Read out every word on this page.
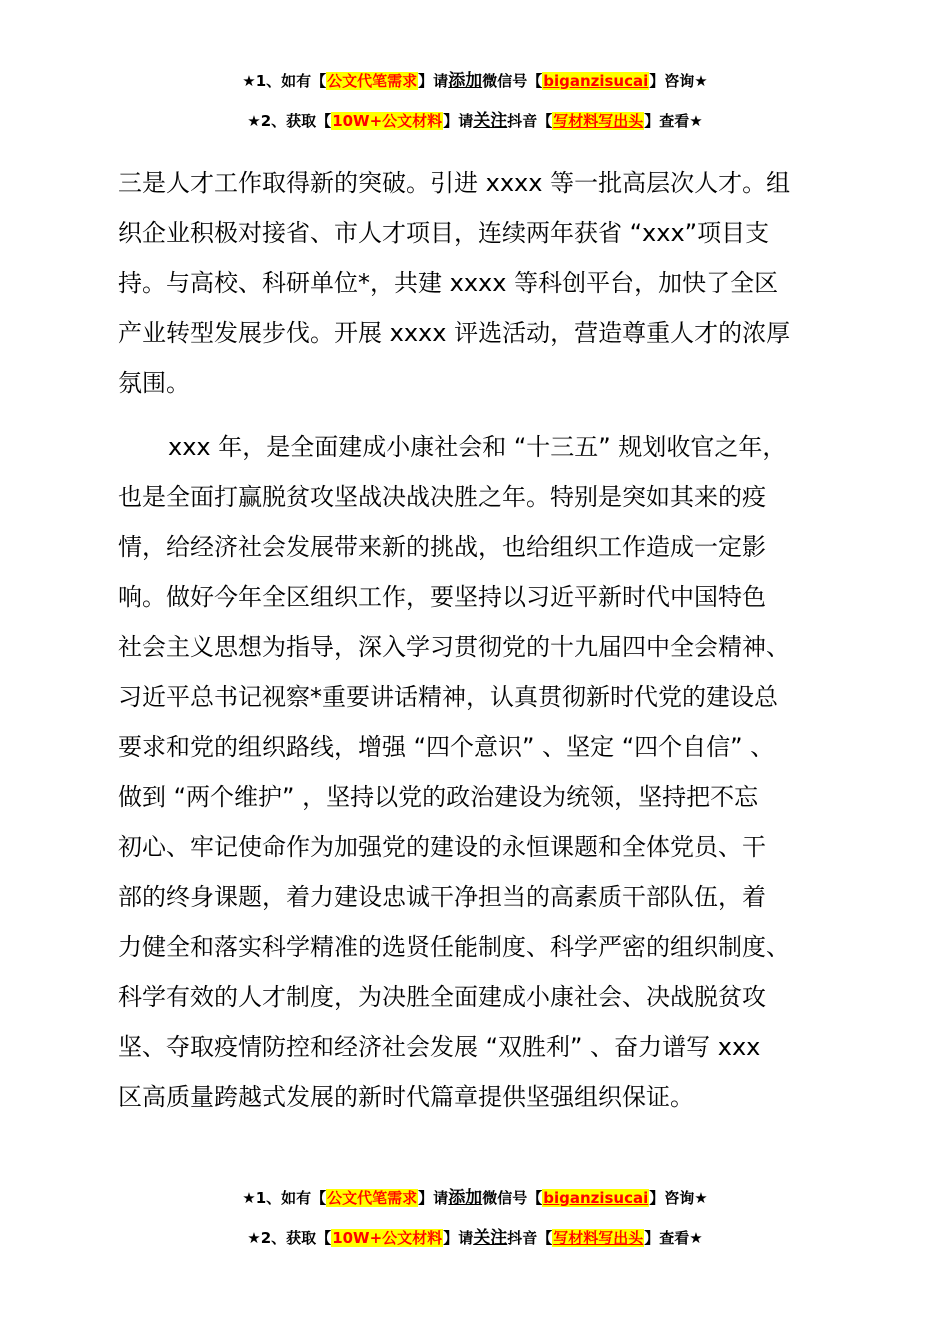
★1、如有【公文代笔需求】请添加微信号【biganzisucai】咨询★
★2、获取【10W+公文材料】请关注抖音【写材料写出头】查看★
三是人才工作取得新的突破。引进 xxxx 等一批高层次人才。组
织企业积极对接省、市人才项目，连续两年获省 “xxx”项目支
持。与高校、科研单位*，共建 xxxx 等科创平台，加快了全区
产业转型发展步伐。开展 xxxx 评选活动，营造尊重人才的浓厚
氛围。
xxx 年，是全面建成小康社会和 “十三五” 规划收官之年，
也是全面打赢脱贫攻坚战决战决胜之年。特别是突如其来的疫
情，给经济社会发展带来新的挑战，也给组织工作造成一定影
响。做好今年全区组织工作，要坚持以习近平新时代中国特色
社会主义思想为指导，深入学习贯彻党的十九届四中全会精神、
习近平总书记视察*重要讲话精神，认真贯彻新时代党的建设总
要求和党的组织路线，增强 “四个意识” 、坚定 “四个自信” 、
做到 “两个维护” ，坚持以党的政治建设为统领，坚持把不忘
初心、牢记使命作为加强党的建设的永恒课题和全体党员、干
部的终身课题，着力建设忠诚干净担当的高素质干部队伍，着
力健全和落实科学精准的选贤任能制度、科学严密的组织制度、
科学有效的人才制度，为决胜全面建成小康社会、决战脱贫攻
坚、夺取疫情防控和经济社会发展 “双胜利” 、奋力谱写 xxx
区高质量跨越式发展的新时代篇章提供坚强组织保证。
★1、如有【公文代笔需求】请添加微信号【biganzisucai】咨询★
★2、获取【10W+公文材料】请关注抖音【写材料写出头】查看★
